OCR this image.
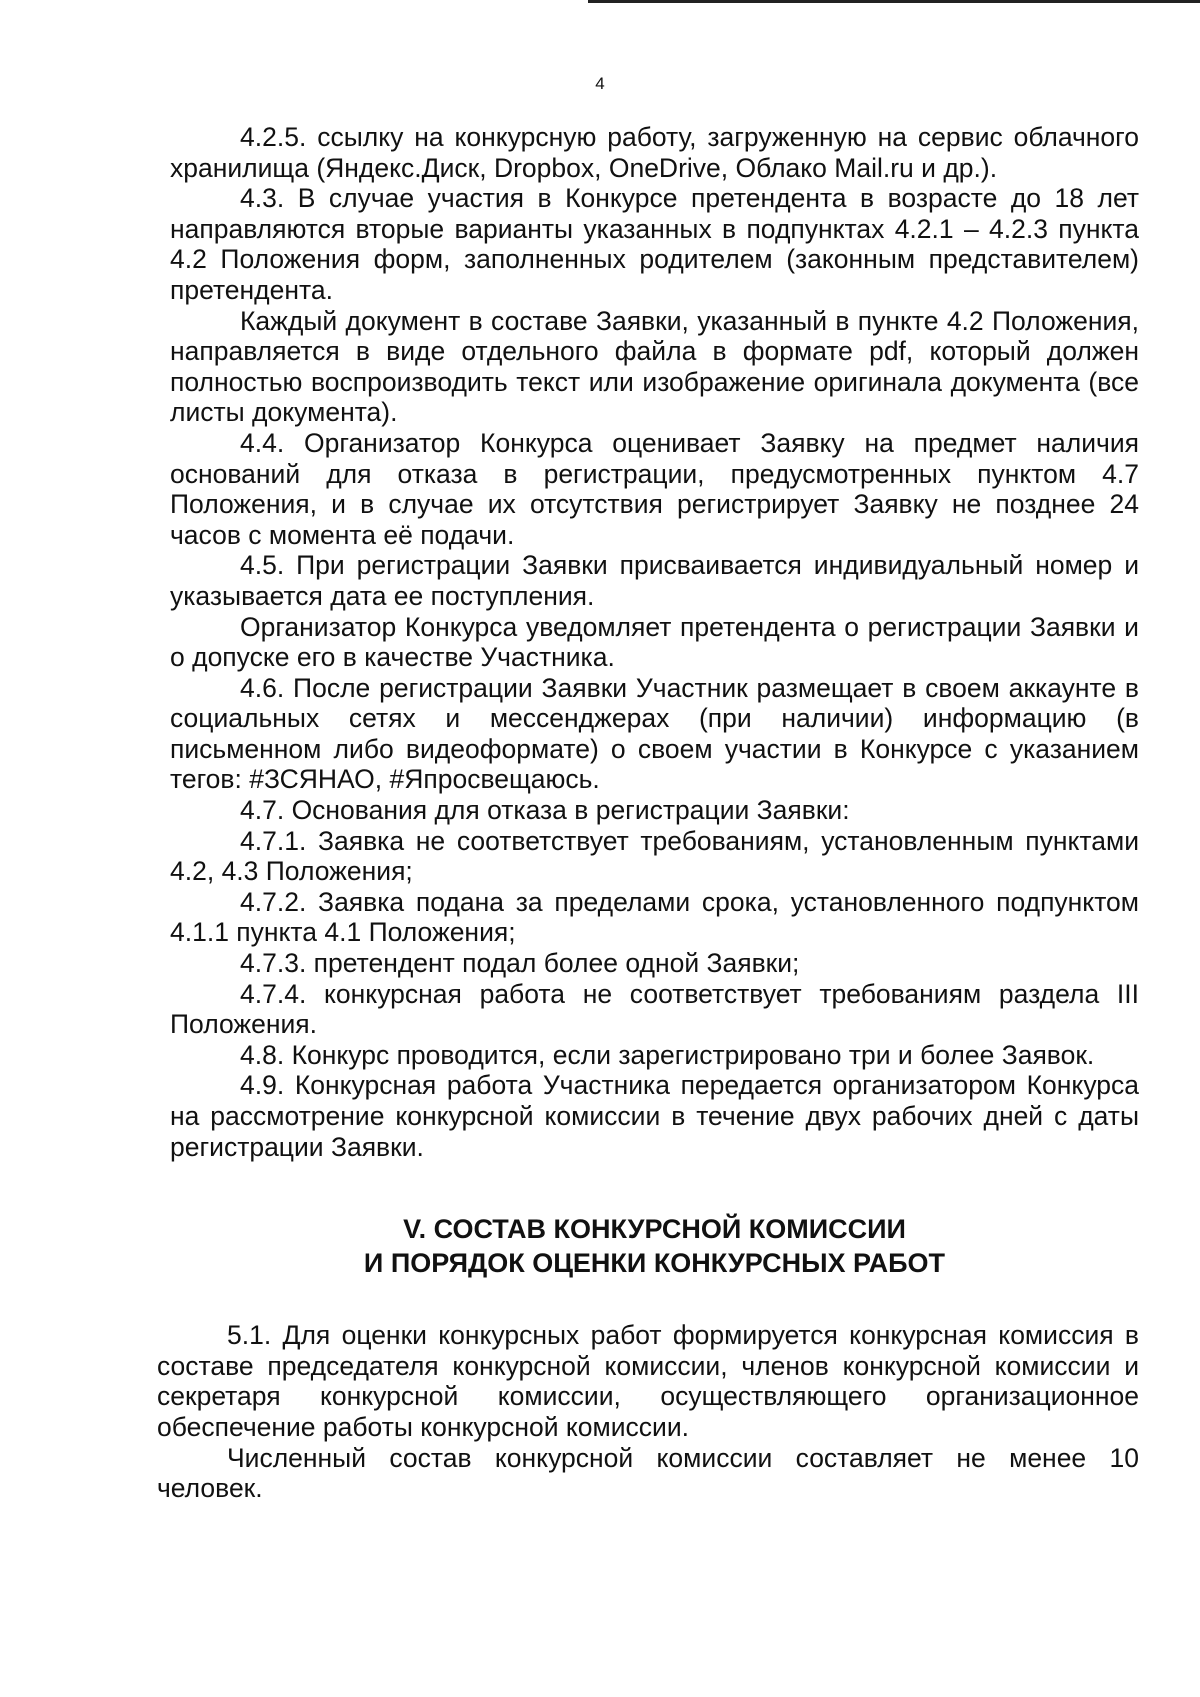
4

4.2.5. ссылку на конкурсную работу, загруженную на сервис облачного хранилища (Яндекс.Диск, Dropbox, OneDrive, Облако Mail.ru и др.).

4.3. В случае участия в Конкурсе претендента в возрасте до 18 лет направляются вторые варианты указанных в подпунктах 4.2.1 – 4.2.3 пункта 4.2 Положения форм, заполненных родителем (законным представителем) претендента.

Каждый документ в составе Заявки, указанный в пункте 4.2 Положения, направляется в виде отдельного файла в формате pdf, который должен полностью воспроизводить текст или изображение оригинала документа (все листы документа).

4.4. Организатор Конкурса оценивает Заявку на предмет наличия оснований для отказа в регистрации, предусмотренных пунктом 4.7 Положения, и в случае их отсутствия регистрирует Заявку не позднее 24 часов с момента её подачи.

4.5. При регистрации Заявки присваивается индивидуальный номер и указывается дата ее поступления.

Организатор Конкурса уведомляет претендента о регистрации Заявки и о допуске его в качестве Участника.

4.6. После регистрации Заявки Участник размещает в своем аккаунте в социальных сетях и мессенджерах (при наличии) информацию (в письменном либо видеоформате) о своем участии в Конкурсе с указанием тегов: #ЗСЯНАО, #Япросвещаюсь.

4.7. Основания для отказа в регистрации Заявки:

4.7.1. Заявка не соответствует требованиям, установленным пунктами 4.2, 4.3 Положения;

4.7.2. Заявка подана за пределами срока, установленного подпунктом 4.1.1 пункта 4.1 Положения;

4.7.3. претендент подал более одной Заявки;

4.7.4. конкурсная работа не соответствует требованиям раздела III Положения.

4.8. Конкурс проводится, если зарегистрировано три и более Заявок.

4.9. Конкурсная работа Участника передается организатором Конкурса на рассмотрение конкурсной комиссии в течение двух рабочих дней с даты регистрации Заявки.

V. СОСТАВ КОНКУРСНОЙ КОМИССИИ
И ПОРЯДОК ОЦЕНКИ КОНКУРСНЫХ РАБОТ

5.1. Для оценки конкурсных работ формируется конкурсная комиссия в составе председателя конкурсной комиссии, членов конкурсной комиссии и секретаря конкурсной комиссии, осуществляющего организационное обеспечение работы конкурсной комиссии.

Численный состав конкурсной комиссии составляет не менее 10 человек.
